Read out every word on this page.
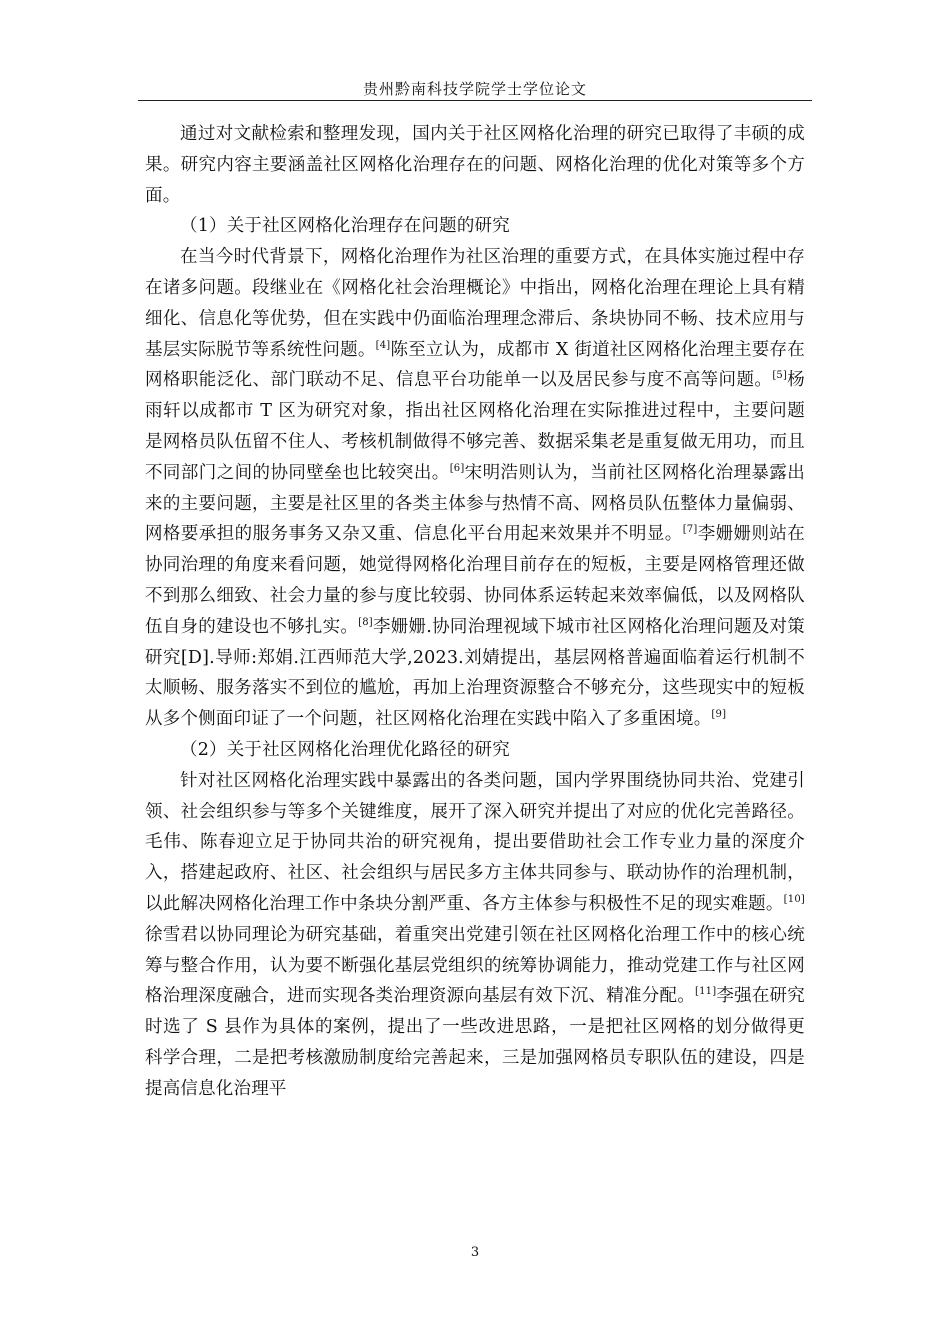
贵州黔南科技学院学士学位论文

通过对文献检索和整理发现，国内关于社区网格化治理的研究已取得了丰硕的成果。研究内容主要涵盖社区网格化治理存在的问题、网格化治理的优化对策等多个方面。

（1）关于社区网格化治理存在问题的研究

在当今时代背景下，网格化治理作为社区治理的重要方式，在具体实施过程中存在诸多问题。段继业在《网格化社会治理概论》中指出，网格化治理在理论上具有精细化、信息化等优势，但在实践中仍面临治理理念滞后、条块协同不畅、技术应用与基层实际脱节等系统性问题。[4]陈至立认为，成都市 X 街道社区网格化治理主要存在网格职能泛化、部门联动不足、信息平台功能单一以及居民参与度不高等问题。[5]杨雨轩以成都市 T 区为研究对象，指出社区网格化治理在实际推进过程中，主要问题是网格员队伍留不住人、考核机制做得不够完善、数据采集老是重复做无用功，而且不同部门之间的协同壁垒也比较突出。[6]宋明浩则认为，当前社区网格化治理暴露出来的主要问题，主要是社区里的各类主体参与热情不高、网格员队伍整体力量偏弱、网格要承担的服务事务又杂又重、信息化平台用起来效果并不明显。[7]李姗姗则站在协同治理的角度来看问题，她觉得网格化治理目前存在的短板，主要是网格管理还做不到那么细致、社会力量的参与度比较弱、协同体系运转起来效率偏低，以及网格队伍自身的建设也不够扎实。[8]李姗姗.协同治理视域下城市社区网格化治理问题及对策研究[D].导师:郑娟.江西师范大学,2023.刘婧提出，基层网格普遍面临着运行机制不太顺畅、服务落实不到位的尴尬，再加上治理资源整合不够充分，这些现实中的短板从多个侧面印证了一个问题，社区网格化治理在实践中陷入了多重困境。[9]

（2）关于社区网格化治理优化路径的研究

针对社区网格化治理实践中暴露出的各类问题，国内学界围绕协同共治、党建引领、社会组织参与等多个关键维度，展开了深入研究并提出了对应的优化完善路径。毛伟、陈春迎立足于协同共治的研究视角，提出要借助社会工作专业力量的深度介入，搭建起政府、社区、社会组织与居民多方主体共同参与、联动协作的治理机制，以此解决网格化治理工作中条块分割严重、各方主体参与积极性不足的现实难题。[10]徐雪君以协同理论为研究基础，着重突出党建引领在社区网格化治理工作中的核心统筹与整合作用，认为要不断强化基层党组织的统筹协调能力，推动党建工作与社区网格治理深度融合，进而实现各类治理资源向基层有效下沉、精准分配。[11]李强在研究时选了 S 县作为具体的案例，提出了一些改进思路，一是把社区网格的划分做得更科学合理，二是把考核激励制度给完善起来，三是加强网格员专职队伍的建设，四是提高信息化治理平

3
